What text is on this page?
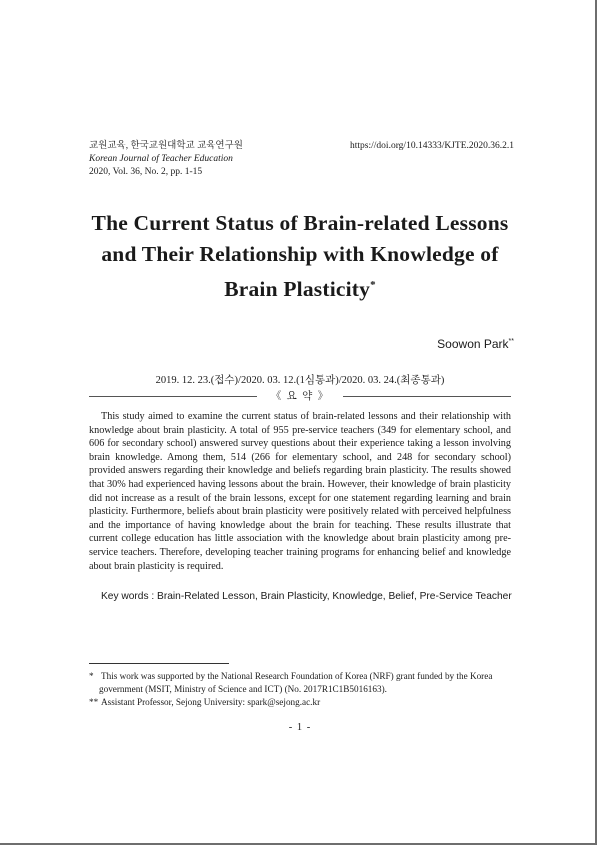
교원교육, 한국교원대학교 교육연구원
Korean Journal of Teacher Education
2020, Vol. 36, No. 2, pp. 1-15
https://doi.org/10.14333/KJTE.2020.36.2.1
The Current Status of Brain-related Lessons
and Their Relationship with Knowledge of
Brain Plasticity*
Soowon Park**
2019. 12. 23.(접수)/2020. 03. 12.(1심통과)/2020. 03. 24.(최종통과)
《 요 약 》

This study aimed to examine the current status of brain-related lessons and their relationship with knowledge about brain plasticity. A total of 955 pre-service teachers (349 for elementary school, and 606 for secondary school) answered survey questions about their experience taking a lesson involving brain knowledge. Among them, 514 (266 for elementary school, and 248 for secondary school) provided answers regarding their knowledge and beliefs regarding brain plasticity. The results showed that 30% had experienced having lessons about the brain. However, their knowledge of brain plasticity did not increase as a result of the brain lessons, except for one statement regarding learning and brain plasticity. Furthermore, beliefs about brain plasticity were positively related with perceived helpfulness and the importance of having knowledge about the brain for teaching. These results illustrate that current college education has little association with the knowledge about brain plasticity among pre-service teachers. Therefore, developing teacher training programs for enhancing belief and knowledge about brain plasticity is required.

Key words : Brain-Related Lesson, Brain Plasticity, Knowledge, Belief, Pre-Service Teacher
* This work was supported by the National Research Foundation of Korea (NRF) grant funded by the Korea government (MSIT, Ministry of Science and ICT) (No. 2017R1C1B5016163).
** Assistant Professor, Sejong University: spark@sejong.ac.kr
- 1 -
